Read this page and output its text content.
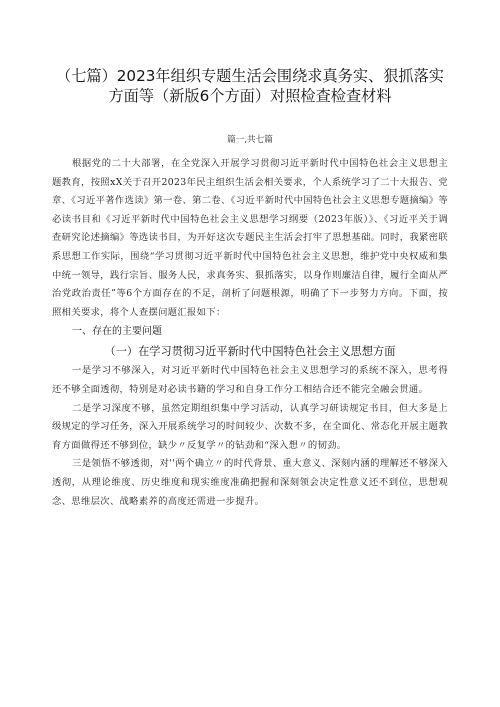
（七篇）2023年组织专题生活会围绕求真务实、狠抓落实方面等（新版6个方面）对照检查检查材料
篇一,共七篇

根据党的二十大部署，在全党深入开展学习贯彻习近平新时代中国特色社会主义思想主题教育，按照xX关于召开2023年民主组织生活会相关要求，个人系统学习了二十大报告、党章、《习近平著作选读》第一卷、第二卷、《习近平新时代中国特色社会主义思想专题摘编》等必读书目和《习近平新时代中国特色社会主义思想学习纲要（2023年版）》、《习近平关于调查研究论述摘编》等选读书目，为开好这次专题民主生活会打牢了思想基础。同时，我紧密联系思想工作实际，围绕“学习贯彻习近平新时代中国特色社会主义思想，维护党中央权威和集中统一领导，践行宗旨、服务人民，求真务实、狠抓落实，以身作则廉洁自律，履行全面从严治党政治责任”等6个方面存在的不足，剖析了问题根源，明确了下一步努力方向。下面，按照相关要求，将个人查摆问题汇报如下：

一、存在的主要问题
（一）在学习贯彻习近平新时代中国特色社会主义思想方面

一是学习不够深入，对习近平新时代中国特色社会主义思想学习的系统不深入，思考得还不够全面透彻，特别是对必读书籍的学习和自身工作分工相结合还不能完全融会贯通。

二是学习深度不够，虽然定期组织集中学习活动，认真学习研读规定书目，但大多是上级规定的学习任务，深入开展系统学习的时间较少、次数不多，在全面化、常态化开展主题教育方面做得还不够到位，缺少〃反复学〃的钻劲和“深入想〃的韧劲。

三是领悟不够透彻，对''两个确立〃的时代背景、重大意义、深刻内涵的理解还不够深入透彻，从理论维度、历史维度和现实维度准确把握和深刻领会决定性意义还不到位，思想观念、思维层次、战略素养的高度还需进一步提升。
